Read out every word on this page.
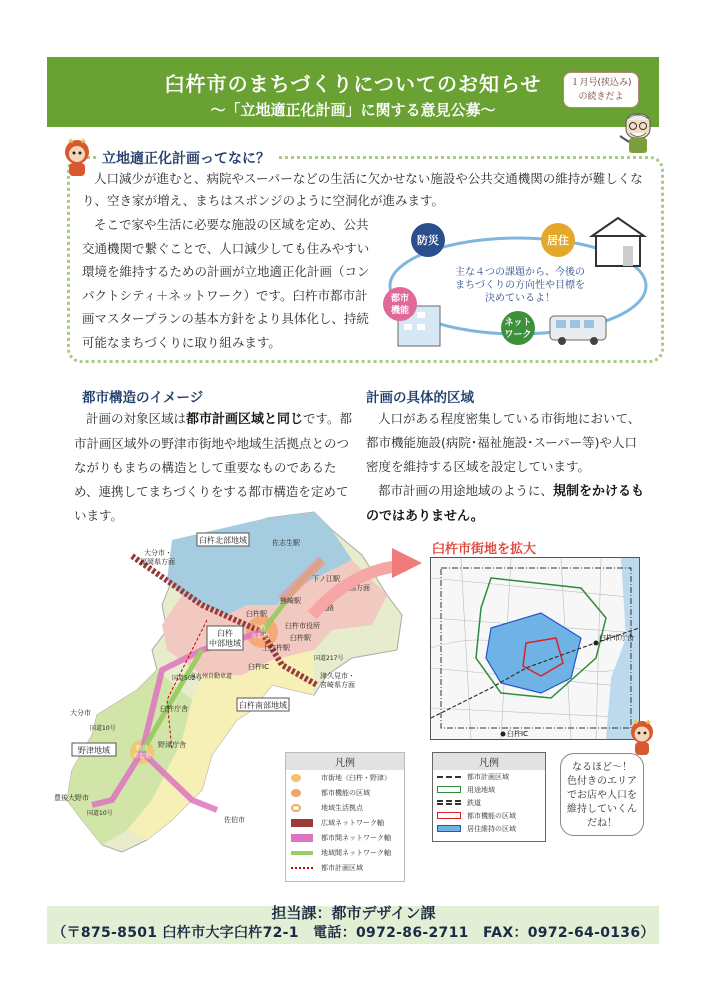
臼杵市のまちづくりについてのお知らせ
～「立地適正化計画」に関する意見公募～
１月号(挟込み)
の続きだよ
立地適正化計画ってなに？

人口減少が進むと、病院やスーパーなどの生活に欠かせない施設や公共交通機関の維持が難しくなり、空き家が増え、まちはスポンジのように空洞化が進みます。

そこで家や生活に必要な施設の区域を定め、公共交通機関で繋ぐことで、人口減少しても住みやすい環境を維持するための計画が立地適正化計画（コンパクトシティ＋ネットワーク）です。臼杵市都市計画マスタープランの基本方針をより具体化し、持続可能なまちづくりに取り組みます。

防災	居住
都市
機能
ネット
ワーク
主な４つの課題から、今後の
まちづくりの方向性や目標を
決めているよ！
都市構造のイメージ

計画の対象区域は都市計画区域と同じです。都市計画区域外の野津市街地や地域生活拠点とのつながりもまちの構造として重要なものであるため、連携してまちづくりをする都市構造を定めています。

計画の具体的区域

人口がある程度密集している市街地において、都市機能施設(病院･福祉施設･スーパー等)や人口密度を維持する区域を設定しています。

都市計画の用途地域のように、規制をかけるものではありません。

臼杵北部地域
臼杵
中部地域
臼杵南部地域
野津地域
佐志生駅
下ノ江駅
熊崎駅
臼杵駅
臼杵
市街地
臼杵市役所
臼杵駅
上臼杵駅
臼杵IC
野津庁舎
臼杵庁舎
野津
市街地
航路
四国方面
大分市・
福岡県方面
大分市
津久見市・
宮崎県方面
豊後大野市
佐伯市
東九州自動車道
国道10号
国道10号
国道502号
国道217号
凡例
市街地（臼杵・野津）
都市機能の区域
地域生活拠点
広域ネットワーク軸
都市間ネットワーク軸
地域間ネットワーク軸
都市計画区域
臼杵市街地を拡大
臼杵市庁舎
臼杵IC
凡例
都市計画区域
用途地域
鉄道
都市機能の区域
居住維持の区域
なるほど～！
色付きのエリア
でお店や人口を
維持していくん
だね！
担当課：都市デザイン課
（〒875-8501 臼杵市大字臼杵72-1　電話：0972-86-2711　FAX：0972-64-0136）
